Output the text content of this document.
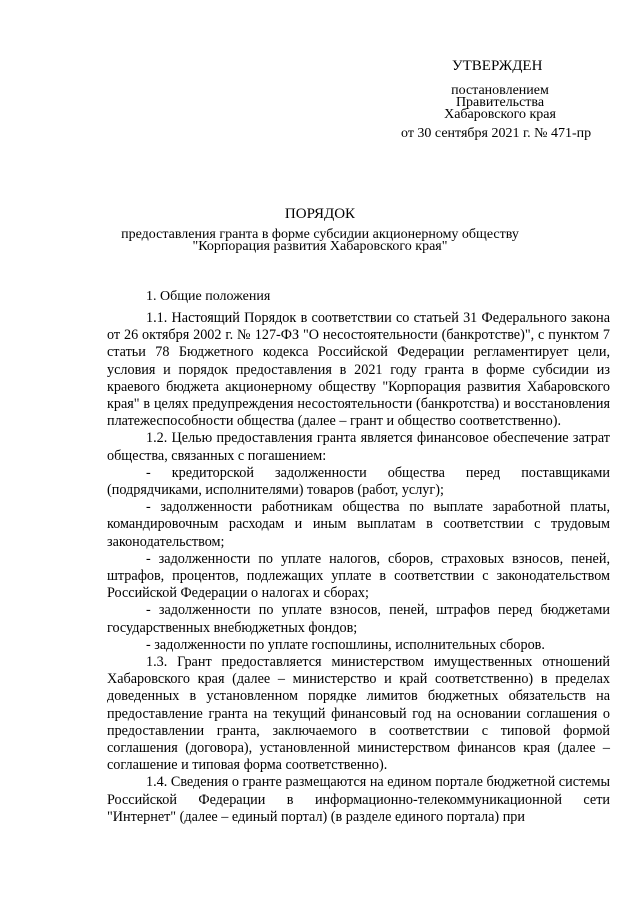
УТВЕРЖДЕН
постановлением
Правительства
Хабаровского края
от 30 сентября 2021 г. № 471-пр
ПОРЯДОК
предоставления гранта в форме субсидии акционерному обществу
"Корпорация развития Хабаровского края"
1. Общие положения

1.1. Настоящий Порядок в соответствии со статьей 31 Федерального закона от 26 октября 2002 г. № 127-ФЗ "О несостоятельности (банкротстве)", с пунктом 7 статьи 78 Бюджетного кодекса Российской Федерации регламентирует цели, условия и порядок предоставления в 2021 году гранта в форме субсидии из краевого бюджета акционерному обществу "Корпорация развития Хабаровского края" в целях предупреждения несостоятельности (банкротства) и восстановления платежеспособности общества (далее – грант и общество соответственно).

1.2. Целью предоставления гранта является финансовое обеспечение затрат общества, связанных с погашением:

- кредиторской задолженности общества перед поставщиками (подрядчиками, исполнителями) товаров (работ, услуг);

- задолженности работникам общества по выплате заработной платы, командировочным расходам и иным выплатам в соответствии с трудовым законодательством;

- задолженности по уплате налогов, сборов, страховых взносов, пеней, штрафов, процентов, подлежащих уплате в соответствии с законодательством Российской Федерации о налогах и сборах;

- задолженности по уплате взносов, пеней, штрафов перед бюджетами государственных внебюджетных фондов;

- задолженности по уплате госпошлины, исполнительных сборов.

1.3. Грант предоставляется министерством имущественных отношений Хабаровского края (далее – министерство и край соответственно) в пределах доведенных в установленном порядке лимитов бюджетных обязательств на предоставление гранта на текущий финансовый год на основании соглашения о предоставлении гранта, заключаемого в соответствии с типовой формой соглашения (договора), установленной министерством финансов края (далее – соглашение и типовая форма соответственно).

1.4. Сведения о гранте размещаются на едином портале бюджетной системы Российской Федерации в информационно-телекоммуникационной сети "Интернет" (далее – единый портал) (в разделе единого портала) при
